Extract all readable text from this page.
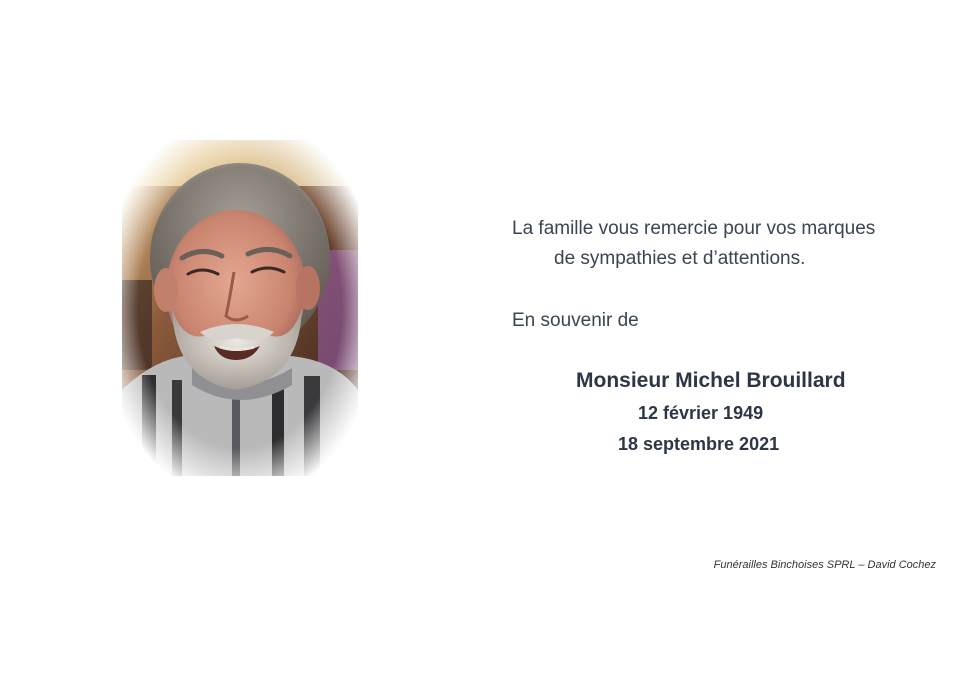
La famille vous remercie pour vos marques
de sympathies et d’attentions.
En souvenir de
Monsieur Michel Brouillard
12 février 1949
18 septembre 2021
Funérailles Binchoises SPRL – David Cochez
